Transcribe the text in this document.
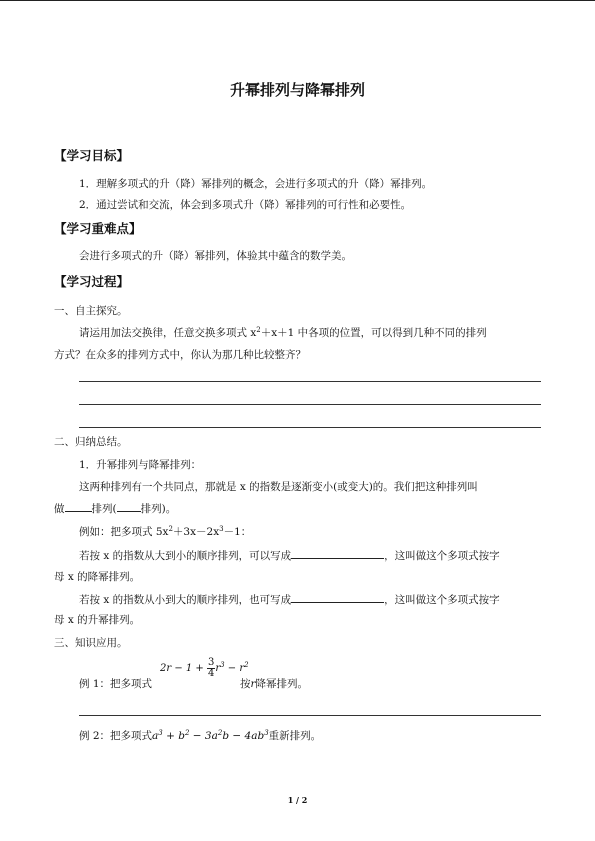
升幂排列与降幂排列
【学习目标】
1．理解多项式的升（降）幂排列的概念，会进行多项式的升（降）幂排列。
2．通过尝试和交流，体会到多项式升（降）幂排列的可行性和必要性。
【学习重难点】
会进行多项式的升（降）幂排列，体验其中蕴含的数学美。
【学习过程】
一、自主探究。
请运用加法交换律，任意交换多项式 $x^2+x+1$ 中各项的位置，可以得到几种不同的排列
方式？在众多的排列方式中，你认为那几种比较整齐？
二、归纳总结。
1．升幂排列与降幂排列：
这两种排列有一个共同点，那就是 x 的指数是逐渐变小(或变大)的。我们把这种排列叫
做	排列( 排列)。
例如：把多项式 $5x^2+3x-2x^3-1$：
若按 x 的指数从大到小的顺序排列，可以写成	，这叫做这个多项式按字
母 x 的降幂排列。
若按 x 的指数从小到大的顺序排列，也可写成	，这叫做这个多项式按字
母 x 的升幂排列。
三、知识应用。
例 1：把多项式
$2r - 1 + \frac{3}{4} r^3 - r^2$
按r降幂排列。
例 2：把多项式$a^3 + b^2 - 3a^2b - 4ab^3$重新排列。
1 / 2
